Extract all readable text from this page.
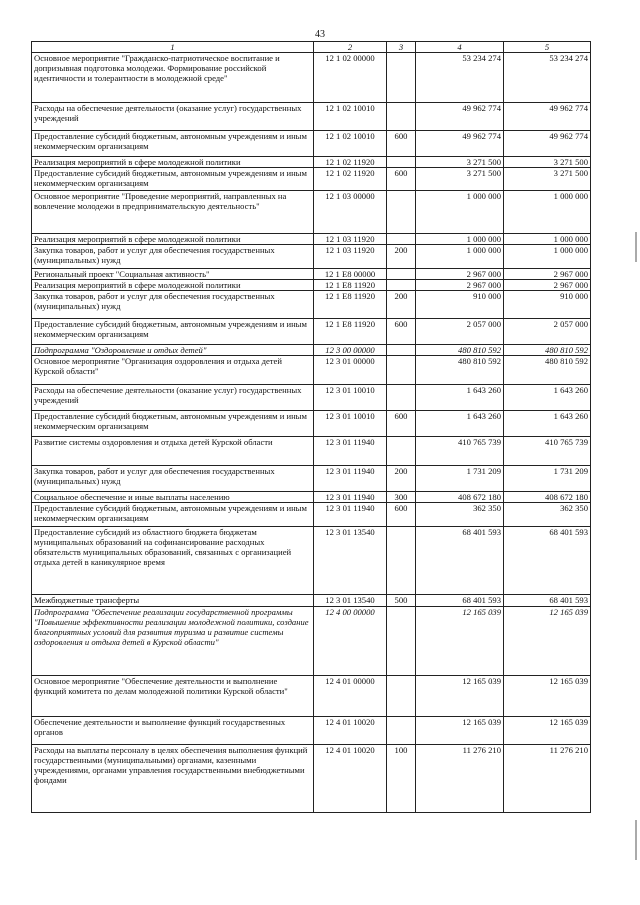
43
1	2	3	4	5
Основное мероприятие "Гражданско-патриотическое воспитание и допризывная подготовка молодежи. Формирование российской идентичности и толерантности в молодежной среде"	12 1 02 00000		53 234 274	53 234 274
Расходы на обеспечение деятельности (оказание услуг) государственных учреждений	12 1 02 10010		49 962 774	49 962 774
Предоставление субсидий бюджетным, автономным учреждениям и иным некоммерческим организациям	12 1 02 10010	600	49 962 774	49 962 774
Реализация мероприятий в сфере молодежной политики	12 1 02 11920		3 271 500	3 271 500
Предоставление субсидий бюджетным, автономным учреждениям и иным некоммерческим организациям	12 1 02 11920	600	3 271 500	3 271 500
Основное мероприятие "Проведение мероприятий, направленных на вовлечение молодежи в предпринимательскую деятельность"	12 1 03 00000		1 000 000	1 000 000
Реализация мероприятий в сфере молодежной политики	12 1 03 11920		1 000 000	1 000 000
Закупка товаров, работ и услуг для обеспечения государственных (муниципальных) нужд	12 1 03 11920	200	1 000 000	1 000 000
Региональный проект "Социальная активность"	12 1 E8 00000		2 967 000	2 967 000
Реализация мероприятий в сфере молодежной политики	12 1 E8 11920		2 967 000	2 967 000
Закупка товаров, работ и услуг для обеспечения государственных (муниципальных) нужд	12 1 E8 11920	200	910 000	910 000
Предоставление субсидий бюджетным, автономным учреждениям и иным некоммерческим организациям	12 1 E8 11920	600	2 057 000	2 057 000
Подпрограмма "Оздоровление и отдых детей"	12 3 00 00000		480 810 592	480 810 592
Основное мероприятие "Организация оздоровления и отдыха детей Курской области"	12 3 01 00000		480 810 592	480 810 592
Расходы на обеспечение деятельности (оказание услуг) государственных учреждений	12 3 01 10010		1 643 260	1 643 260
Предоставление субсидий бюджетным, автономным учреждениям и иным некоммерческим организациям	12 3 01 10010	600	1 643 260	1 643 260
Развитие системы оздоровления и отдыха детей Курской области	12 3 01 11940		410 765 739	410 765 739
Закупка товаров, работ и услуг для обеспечения государственных (муниципальных) нужд	12 3 01 11940	200	1 731 209	1 731 209
Социальное обеспечение и иные выплаты населению	12 3 01 11940	300	408 672 180	408 672 180
Предоставление субсидий бюджетным, автономным учреждениям и иным некоммерческим организациям	12 3 01 11940	600	362 350	362 350
Предоставление субсидий из областного бюджета бюджетам муниципальных образований на софинансирование расходных обязательств муниципальных образований, связанных с организацией отдыха детей в каникулярное время	12 3 01 13540		68 401 593	68 401 593
Межбюджетные трансферты	12 3 01 13540	500	68 401 593	68 401 593
Подпрограмма "Обеспечение реализации государственной программы "Повышение эффективности реализации молодежной политики, создание благоприятных условий для развития туризма и развитие системы оздоровления и отдыха детей в Курской области"	12 4 00 00000		12 165 039	12 165 039
Основное мероприятие "Обеспечение деятельности и выполнение функций комитета по делам молодежной политики Курской области"	12 4 01 00000		12 165 039	12 165 039
Обеспечение деятельности и выполнение функций государственных органов	12 4 01 10020		12 165 039	12 165 039
Расходы на выплаты персоналу в целях обеспечения выполнения функций государственными (муниципальными) органами, казенными учреждениями, органами управления государственными внебюджетными фондами	12 4 01 10020	100	11 276 210	11 276 210
